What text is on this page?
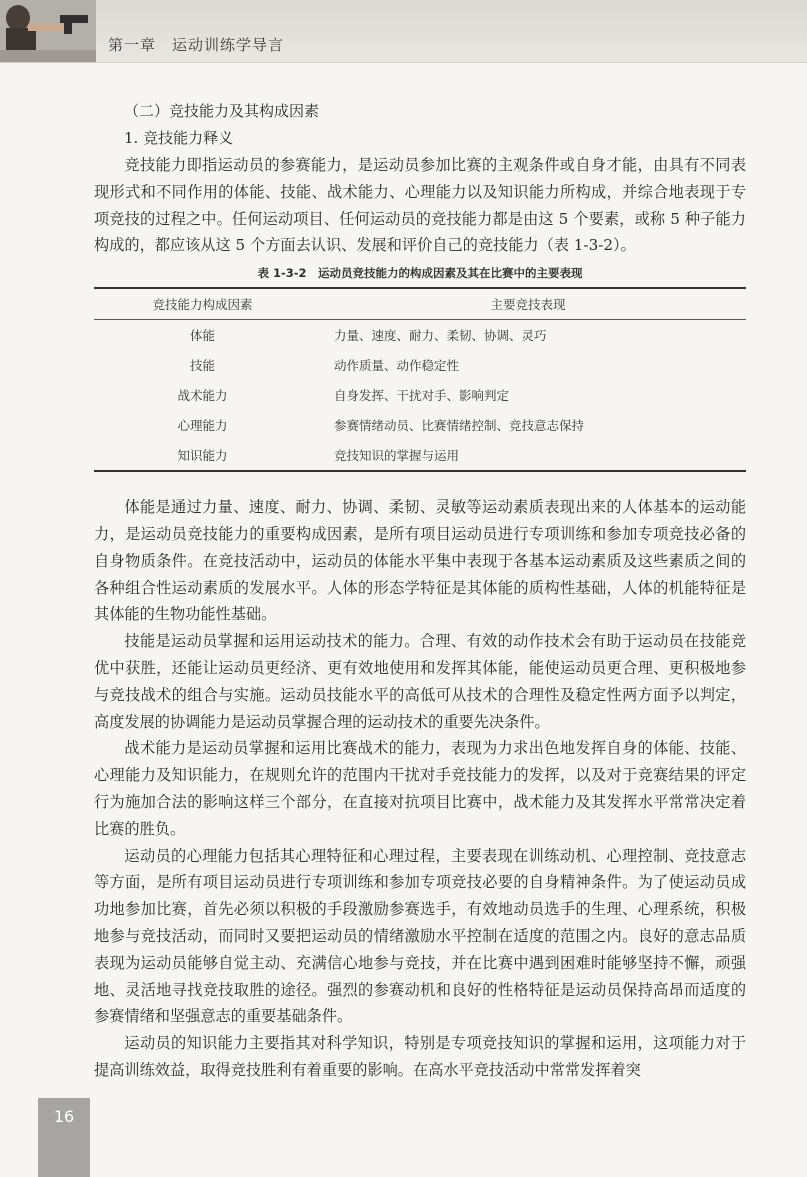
第一章　运动训练学导言
（二）竞技能力及其构成因素
1. 竞技能力释义

竞技能力即指运动员的参赛能力，是运动员参加比赛的主观条件或自身才能，由具有不同表现形式和不同作用的体能、技能、战术能力、心理能力以及知识能力所构成，并综合地表现于专项竞技的过程之中。任何运动项目、任何运动员的竞技能力都是由这 5 个要素，或称 5 种子能力构成的，都应该从这 5 个方面去认识、发展和评价自己的竞技能力（表 1-3-2）。

表 1-3-2　运动员竞技能力的构成因素及其在比赛中的主要表现
竞技能力构成因素	主要竞技表现
体能	力量、速度、耐力、柔韧、协调、灵巧
技能	动作质量、动作稳定性
战术能力	自身发挥、干扰对手、影响判定
心理能力	参赛情绪动员、比赛情绪控制、竞技意志保持
知识能力	竞技知识的掌握与运用

体能是通过力量、速度、耐力、协调、柔韧、灵敏等运动素质表现出来的人体基本的运动能力，是运动员竞技能力的重要构成因素，是所有项目运动员进行专项训练和参加专项竞技必备的自身物质条件。在竞技活动中，运动员的体能水平集中表现于各基本运动素质及这些素质之间的各种组合性运动素质的发展水平。人体的形态学特征是其体能的质构性基础，人体的机能特征是其体能的生物功能性基础。

技能是运动员掌握和运用运动技术的能力。合理、有效的动作技术会有助于运动员在技能竞优中获胜，还能让运动员更经济、更有效地使用和发挥其体能，能使运动员更合理、更积极地参与竞技战术的组合与实施。运动员技能水平的高低可从技术的合理性及稳定性两方面予以判定，高度发展的协调能力是运动员掌握合理的运动技术的重要先决条件。

战术能力是运动员掌握和运用比赛战术的能力，表现为力求出色地发挥自身的体能、技能、心理能力及知识能力，在规则允许的范围内干扰对手竞技能力的发挥，以及对于竞赛结果的评定行为施加合法的影响这样三个部分，在直接对抗项目比赛中，战术能力及其发挥水平常常决定着比赛的胜负。

运动员的心理能力包括其心理特征和心理过程，主要表现在训练动机、心理控制、竞技意志等方面，是所有项目运动员进行专项训练和参加专项竞技必要的自身精神条件。为了使运动员成功地参加比赛，首先必须以积极的手段激励参赛选手，有效地动员选手的生理、心理系统，积极地参与竞技活动，而同时又要把运动员的情绪激励水平控制在适度的范围之内。良好的意志品质表现为运动员能够自觉主动、充满信心地参与竞技，并在比赛中遇到困难时能够坚持不懈，顽强地、灵活地寻找竞技取胜的途径。强烈的参赛动机和良好的性格特征是运动员保持高昂而适度的参赛情绪和坚强意志的重要基础条件。

运动员的知识能力主要指其对科学知识，特别是专项竞技知识的掌握和运用，这项能力对于提高训练效益，取得竞技胜利有着重要的影响。在高水平竞技活动中常常发挥着突

16
